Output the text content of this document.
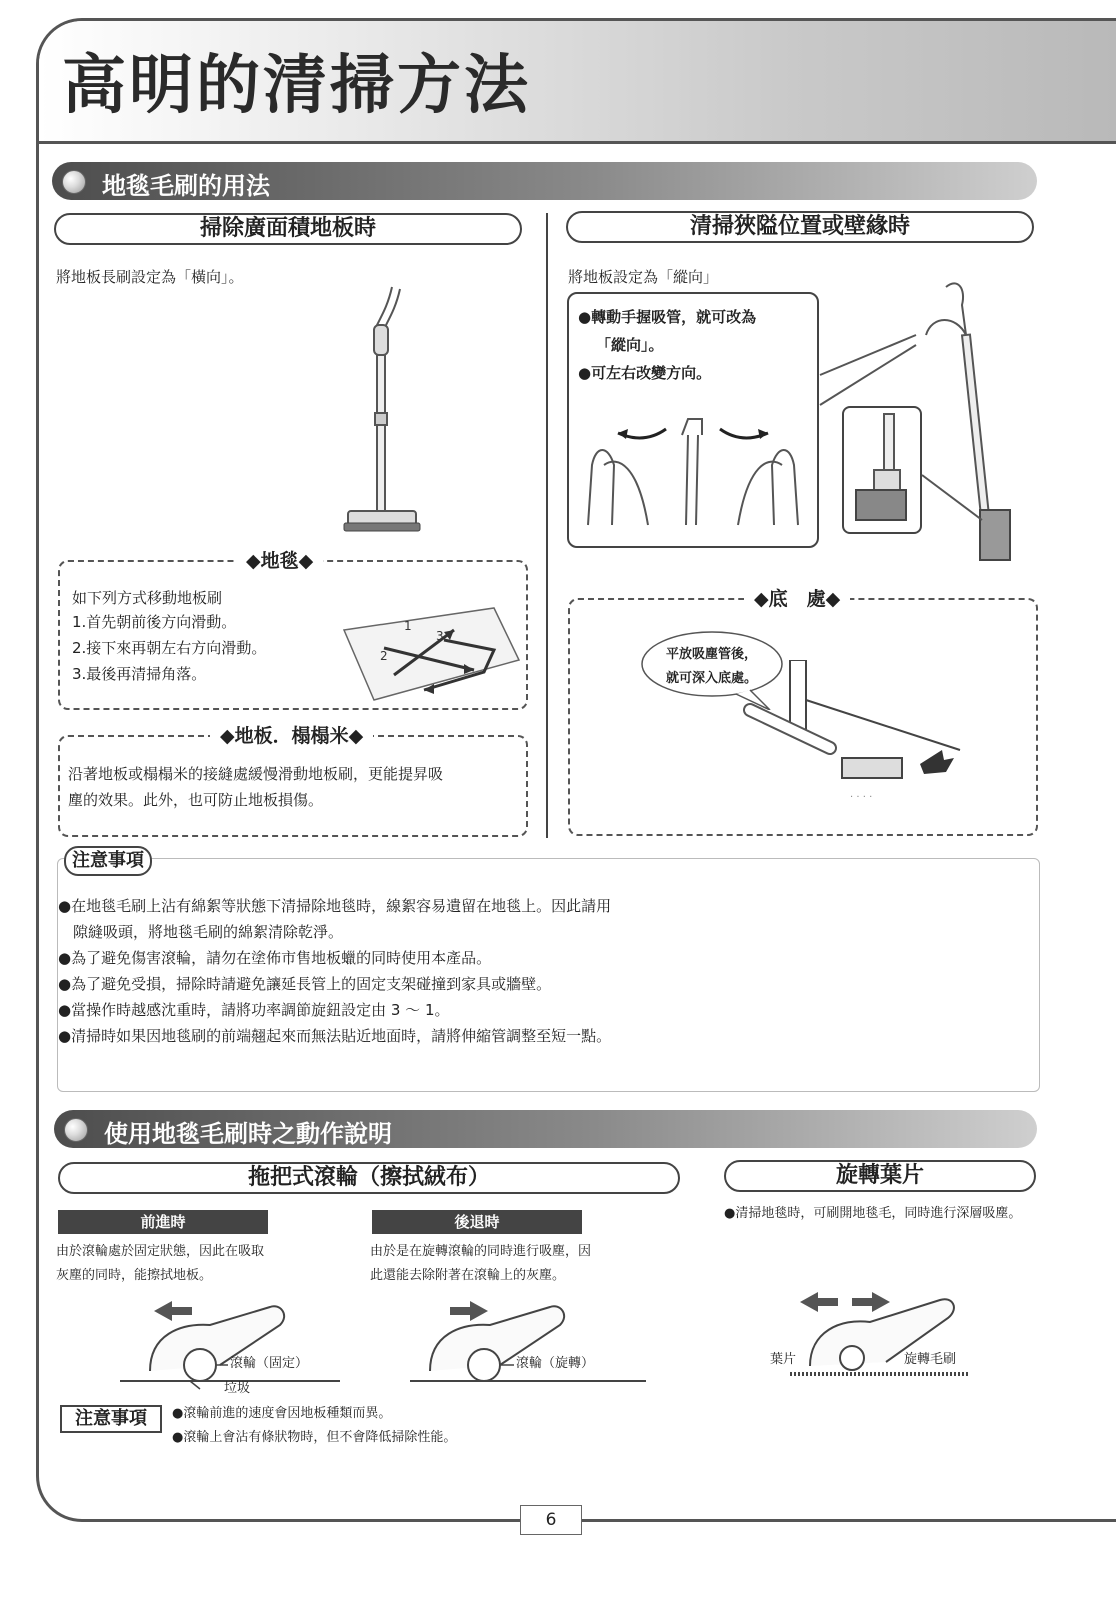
高明的清掃方法
地毯毛刷的用法
掃除廣面積地板時
將地板長刷設定為「橫向」。
◆地毯◆
如下列方式移動地板刷
1.首先朝前後方向滑動。
2.接下來再朝左右方向滑動。
3.最後再清掃角落。
1
2
3
◆地板．榻榻米◆
沿著地板或榻榻米的接縫處緩慢滑動地板刷，更能提昇吸
塵的效果。此外，也可防止地板損傷。
清掃狹隘位置或壁緣時
將地板設定為「縱向」
●轉動手握吸管，就可改為
「縱向」。
●可左右改變方向。
◆底　處◆
平放吸塵管後，
就可深入底處。
· · · ·
注意事項
●在地毯毛刷上沾有綿絮等狀態下清掃除地毯時，線絮容易遺留在地毯上。因此請用
　隙縫吸頭，將地毯毛刷的綿絮清除乾淨。
●為了避免傷害滾輪，請勿在塗佈市售地板蠟的同時使用本產品。
●為了避免受損，掃除時請避免讓延長管上的固定支架碰撞到家具或牆壁。
●當操作時越感沈重時，請將功率調節旋鈕設定由 3 ～ 1。
●清掃時如果因地毯刷的前端翹起來而無法貼近地面時，請將伸縮管調整至短一點。
使用地毯毛刷時之動作說明
拖把式滾輪（擦拭絨布）	旋轉葉片
前進時
由於滾輪處於固定狀態，因此在吸取
灰塵的同時，能擦拭地板。
後退時
由於是在旋轉滾輪的同時進行吸塵，因
此還能去除附著在滾輪上的灰塵。
●清掃地毯時，可刷開地毯毛，同時進行深層吸塵。
滾輪（固定）
垃圾
滾輪（旋轉）	葉片	旋轉毛刷
注意事項	●滾輪前進的速度會因地板種類而異。
●滾輪上會沾有條狀物時，但不會降低掃除性能。
6
